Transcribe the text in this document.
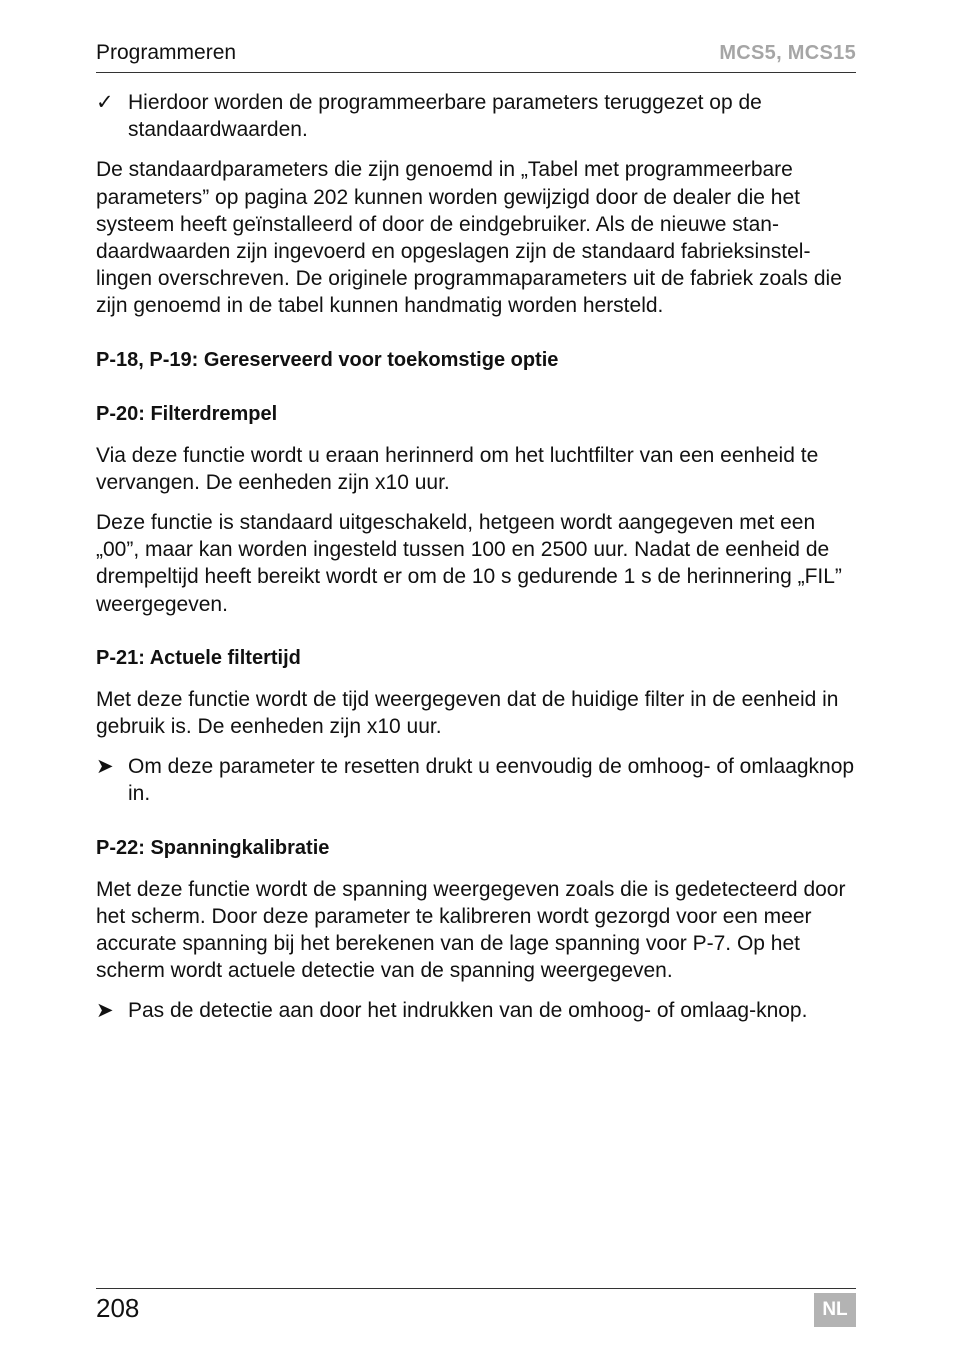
Programmeren	MCS5, MCS15
✓ Hierdoor worden de programmeerbare parameters teruggezet op de standaardwaarden.

De standaardparameters die zijn genoemd in „Tabel met programmeerbare parameters” op pagina 202 kunnen worden gewijzigd door de dealer die het systeem heeft geïnstalleerd of door de eindgebruiker. Als de nieuwe standaardwaarden zijn ingevoerd en opgeslagen zijn de standaard fabrieksinstellingen overschreven. De originele programmaparameters uit de fabriek zoals die zijn genoemd in de tabel kunnen handmatig worden hersteld.

P-18, P-19: Gereserveerd voor toekomstige optie
P-20: Filterdrempel

Via deze functie wordt u eraan herinnerd om het luchtfilter van een eenheid te vervangen. De eenheden zijn x10 uur.

Deze functie is standaard uitgeschakeld, hetgeen wordt aangegeven met een „00”, maar kan worden ingesteld tussen 100 en 2500 uur. Nadat de eenheid de drempeltijd heeft bereikt wordt er om de 10 s gedurende 1 s de herinnering „FIL” weergegeven.

P-21: Actuele filtertijd

Met deze functie wordt de tijd weergegeven dat de huidige filter in de eenheid in gebruik is. De eenheden zijn x10 uur.

➤ Om deze parameter te resetten drukt u eenvoudig de omhoog- of omlaagknop in.
P-22: Spanningkalibratie

Met deze functie wordt de spanning weergegeven zoals die is gedetecteerd door het scherm. Door deze parameter te kalibreren wordt gezorgd voor een meer accurate spanning bij het berekenen van de lage spanning voor P-7. Op het scherm wordt actuele detectie van de spanning weergegeven.

➤ Pas de detectie aan door het indrukken van de omhoog- of omlaag-knop.
208	NL
